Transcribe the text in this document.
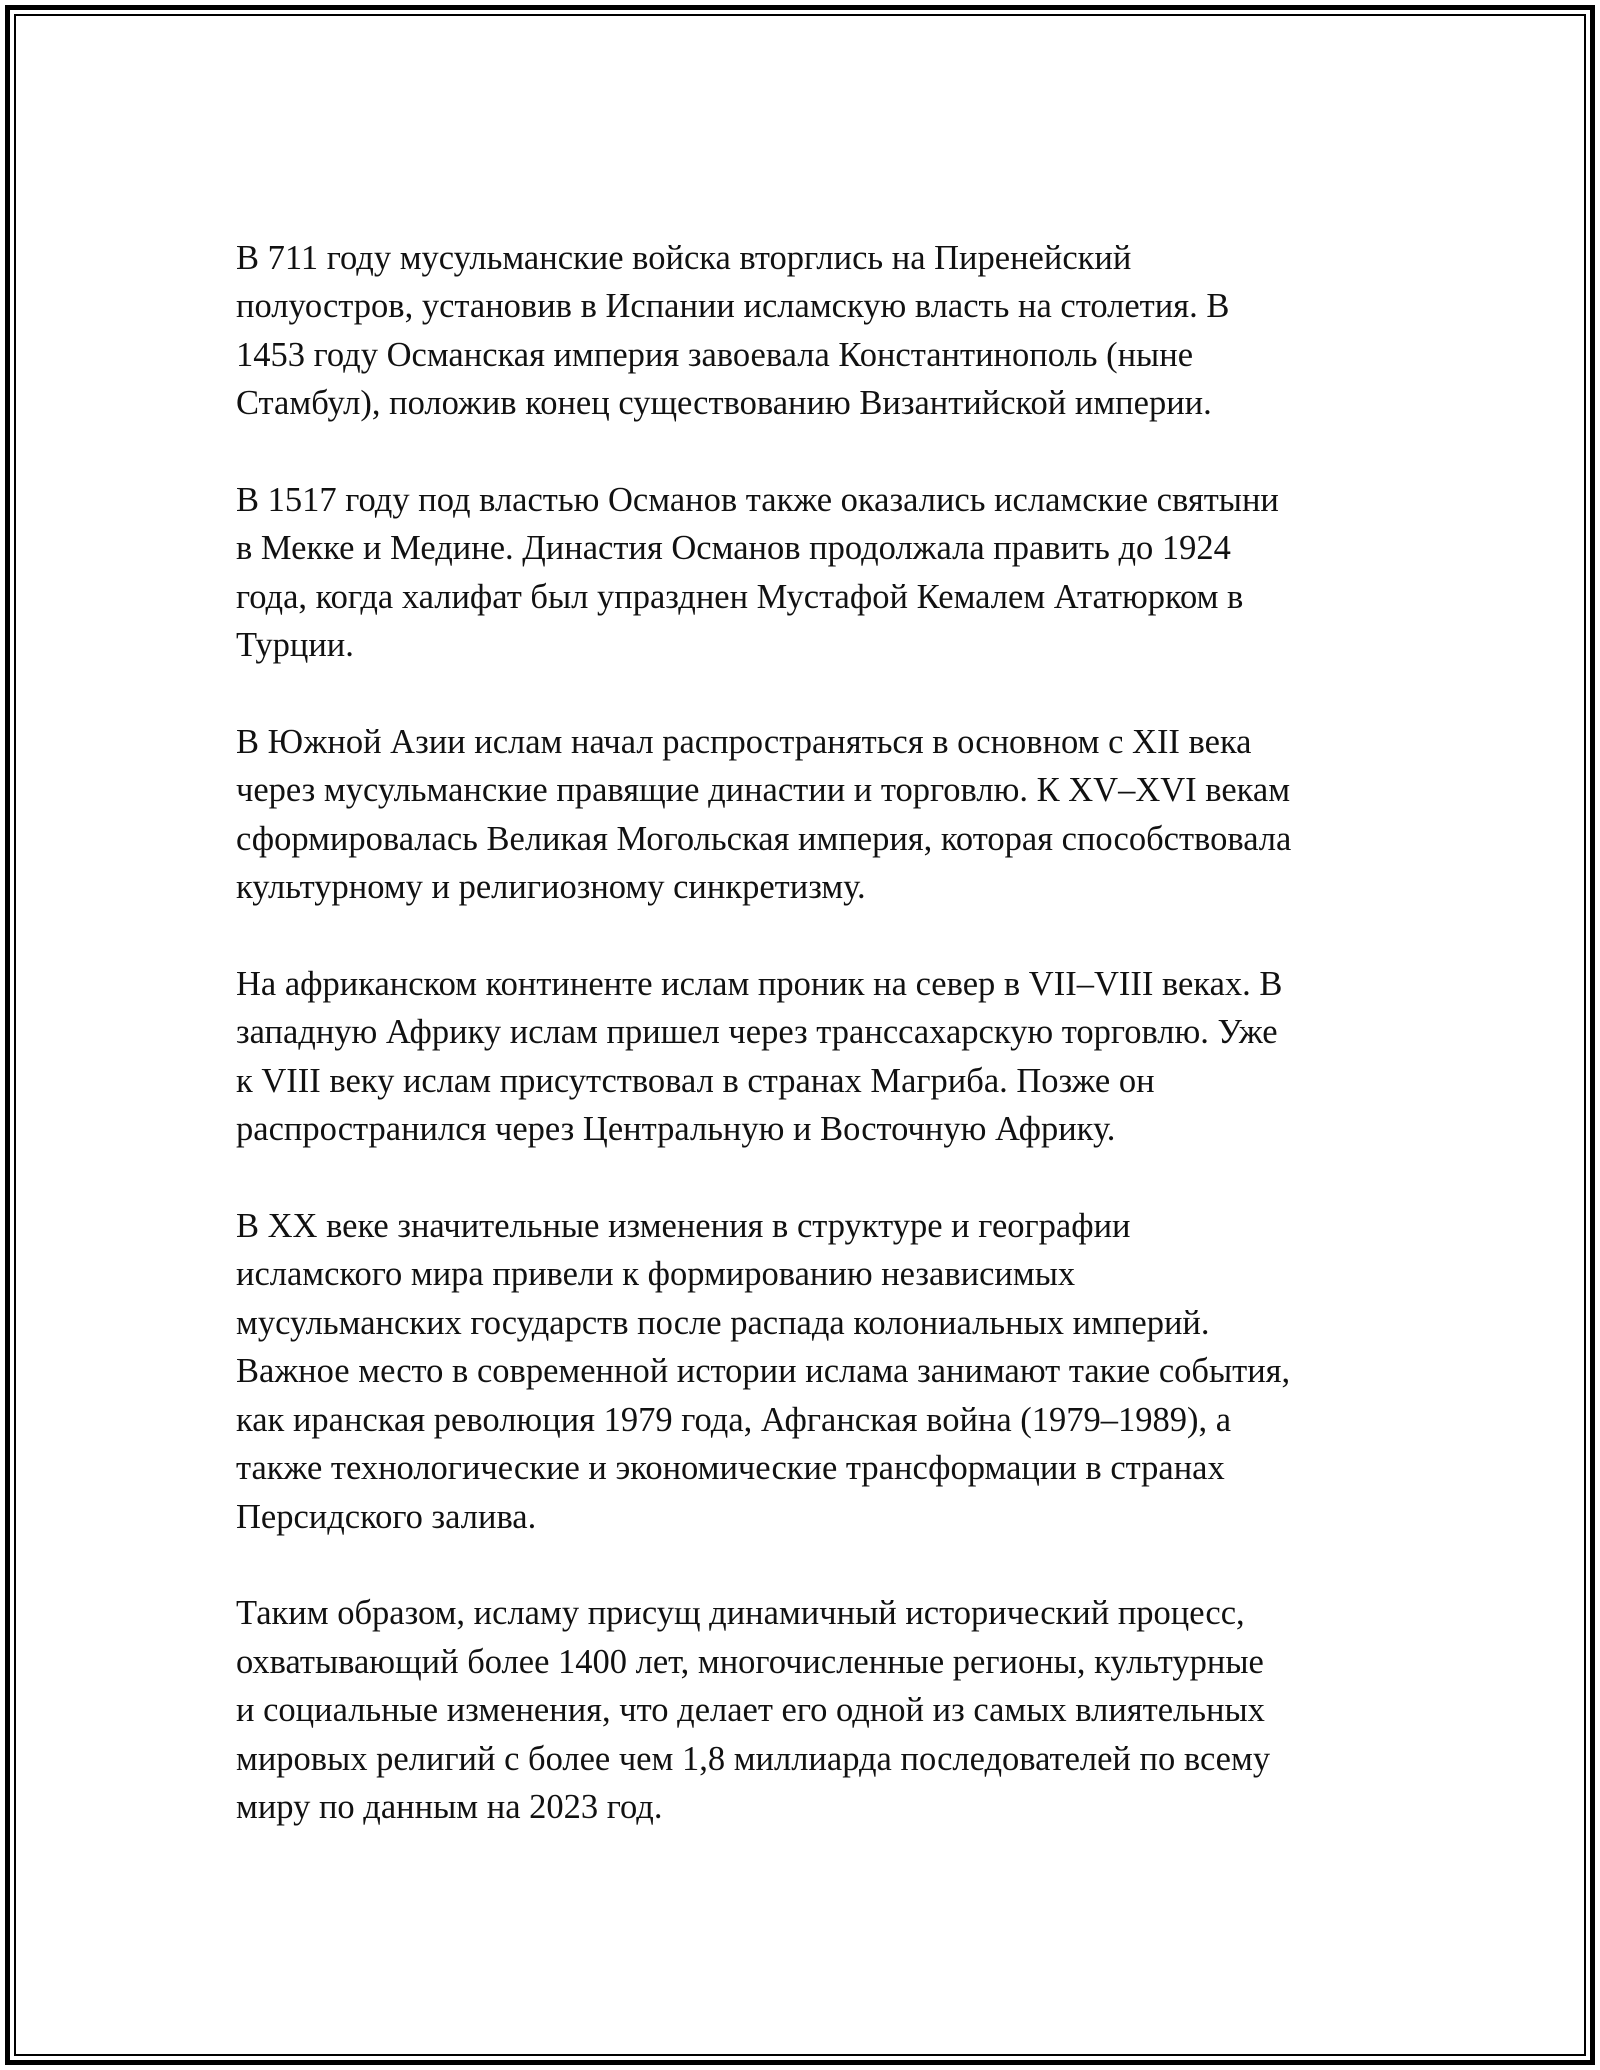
В 711 году мусульманские войска вторглись на Пиренейский
полуостров, установив в Испании исламскую власть на столетия. В
1453 году Османская империя завоевала Константинополь (ныне
Стамбул), положив конец существованию Византийской империи.

В 1517 году под властью Османов также оказались исламские святыни
в Мекке и Медине. Династия Османов продолжала править до 1924
года, когда халифат был упразднен Мустафой Кемалем Ататюрком в
Турции.

В Южной Азии ислам начал распространяться в основном с XII века
через мусульманские правящие династии и торговлю. К XV–XVI векам
сформировалась Великая Могольская империя, которая способствовала
культурному и религиозному синкретизму.

На африканском континенте ислам проник на север в VII–VIII веках. В
западную Африку ислам пришел через транссахарскую торговлю. Уже
к VIII веку ислам присутствовал в странах Магриба. Позже он
распространился через Центральную и Восточную Африку.

В XX веке значительные изменения в структуре и географии
исламского мира привели к формированию независимых
мусульманских государств после распада колониальных империй.
Важное место в современной истории ислама занимают такие события,
как иранская революция 1979 года, Афганская война (1979–1989), а
также технологические и экономические трансформации в странах
Персидского залива.

Таким образом, исламу присущ динамичный исторический процесс,
охватывающий более 1400 лет, многочисленные регионы, культурные
и социальные изменения, что делает его одной из самых влиятельных
мировых религий с более чем 1,8 миллиарда последователей по всему
миру по данным на 2023 год.
